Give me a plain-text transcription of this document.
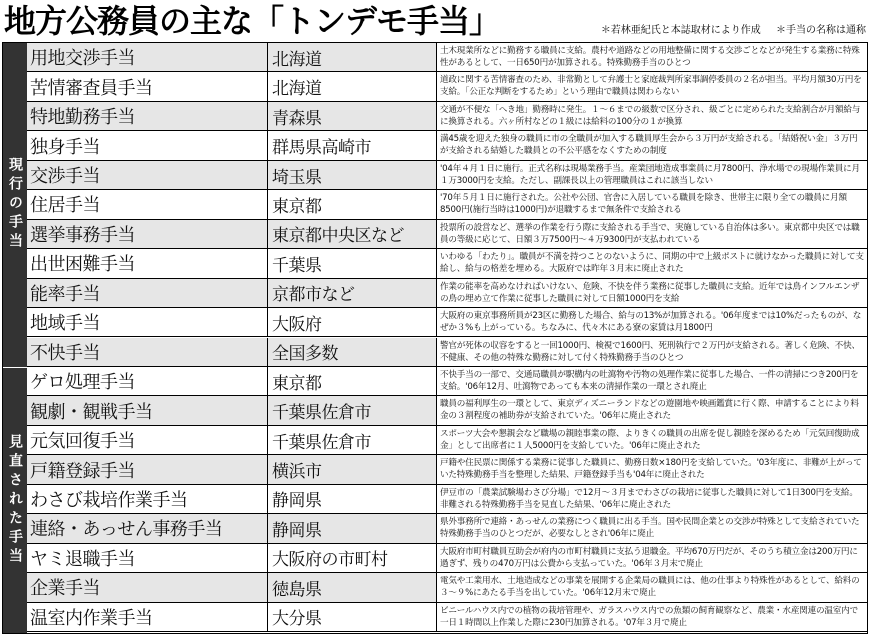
地方公務員の主な「トンデモ手当」	＊若林亜紀氏と本誌取材により作成 ＊手当の名称は通称
現行の手当
用地交渉手当	北海道	土木現業所などに勤務する職員に支給。農村や道路などの用地整備に関する交渉ごとなどが発生する業務に特殊性があるとして、一日650円が加算される。特殊勤務手当のひとつ
苦情審査員手当	北海道	道政に関する苦情審査のため、非常勤として弁護士と家庭裁判所家事調停委員の２名が担当。平均月額30万円を支給。「公正な判断をするため」という理由で職員は関わらない
特地勤務手当	青森県	交通が不便な「へき地」勤務時に発生。１～６までの級数で区分され、級ごとに定められた支給割合が月額給与に換算される。六ヶ所村などの１級には給料の100分の１が換算
独身手当	群馬県高崎市	満45歳を迎えた独身の職員に市の全職員が加入する職員厚生会から３万円が支給される。「結婚祝い金」３万円が支給される結婚した職員との不公平感をなくすための制度
交渉手当	埼玉県	'04年４月１日に施行。正式名称は現場業務手当。産業団地造成事業員に月7800円、浄水場での現場作業員に月１万3000円を支給。ただし、副課長以上の管理職員はこれに該当しない
住居手当	東京都	'70年５月１日に施行された。公社や公団、官舎に入居している職員を除き、世帯主に限り全ての職員に月額8500円(施行当時は1000円)が退職するまで無条件で支給される
選挙事務手当	東京都中央区など	投票所の設営など、選挙の作業を行う際に支給される手当で、実施している自治体は多い。東京都中央区では職員の等級に応じて、日額３万7500円～４万9300円が支払われている
出世困難手当	千葉県	いわゆる「わたり」。職員が不満を持つことのないように、同期の中で上級ポストに就けなかった職員に対して支給し、給与の格差を埋める。大阪府では昨年３月末に廃止された
能率手当	京都市など	作業の能率を高めなければいけない、危険、不快を伴う業務に従事した職員に支給。近年では鳥インフルエンザの鳥の埋め立て作業に従事した職員に対して日額1000円を支給
地域手当	大阪府	大阪府の東京事務所員が23区に勤務した場合、給与の13%が加算される。'06年度までは10%だったものが、なぜか３%も上がっている。ちなみに、代々木にある寮の家賃は月1800円
不快手当	全国多数	警官が死体の収容をすると一回1000円、検視で1600円、死刑執行で２万円が支給される。著しく危険、不快、不健康、その他の特殊な勤務に対して付く特殊勤務手当のひとつ
見直された手当
ゲロ処理手当	東京都	不快手当の一部で、交通局職員が駅構内の吐瀉物や汚物の処理作業に従事した場合、一件の清掃につき200円を支給。'06年12月、吐瀉物であっても本来の清掃作業の一環とされ廃止
観劇・観戦手当	千葉県佐倉市	職員の福利厚生の一環として、東京ディズニーランドなどの遊園地や映画鑑賞に行く際、申請することにより料金の３割程度の補助券が支給されていた。'06年に廃止された
元気回復手当	千葉県佐倉市	スポーツ大会や懇親会など職場の親睦事業の際、よりきくの職員の出席を促し親睦を深めるため「元気回復助成金」として出席者に１人5000円を支給していた。'06年に廃止された
戸籍登録手当	横浜市	戸籍や住民票に関係する業務に従事した職員に、勤務日数×180円を支給していた。'03年度に、非難が上がっていた特殊勤務手当を整理した結果、戸籍登録手当も'04年に廃止された
わさび栽培作業手当	静岡県	伊豆市の「農業試験場わさび分場」で12月～３月までわさびの栽培に従事した職員に対して1日300円を支給。非難される特殊勤務手当を見直した結果、'06年に廃止された
連絡・あっせん事務手当	静岡県	県外事務所で連絡・あっせんの業務につく職員に出る手当。国や民間企業との交渉が特殊として支給されていた特殊勤務手当のひとつだが、必要なしとされ'06年に廃止
ヤミ退職手当	大阪府の市町村	大阪府市町村職員互助会が府内の市町村職員に支払う退職金。平均670万円だが、そのうち積立金は200万円に過ぎず、残りの470万円は公費から支払っていた。'06年３月末で廃止
企業手当	徳島県	電気や工業用水、土地造成などの事業を展開する企業局の職員には、他の仕事より特殊性があるとして、給料の３～９%にあたる手当を出していた。'06年12月末で廃止
温室内作業手当	大分県	ビニールハウス内での植物の栽培管理や、ガラスハウス内での魚類の飼育観察など、農業・水産関連の温室内で一日１時間以上作業した際に230円加算される。'07年３月で廃止
